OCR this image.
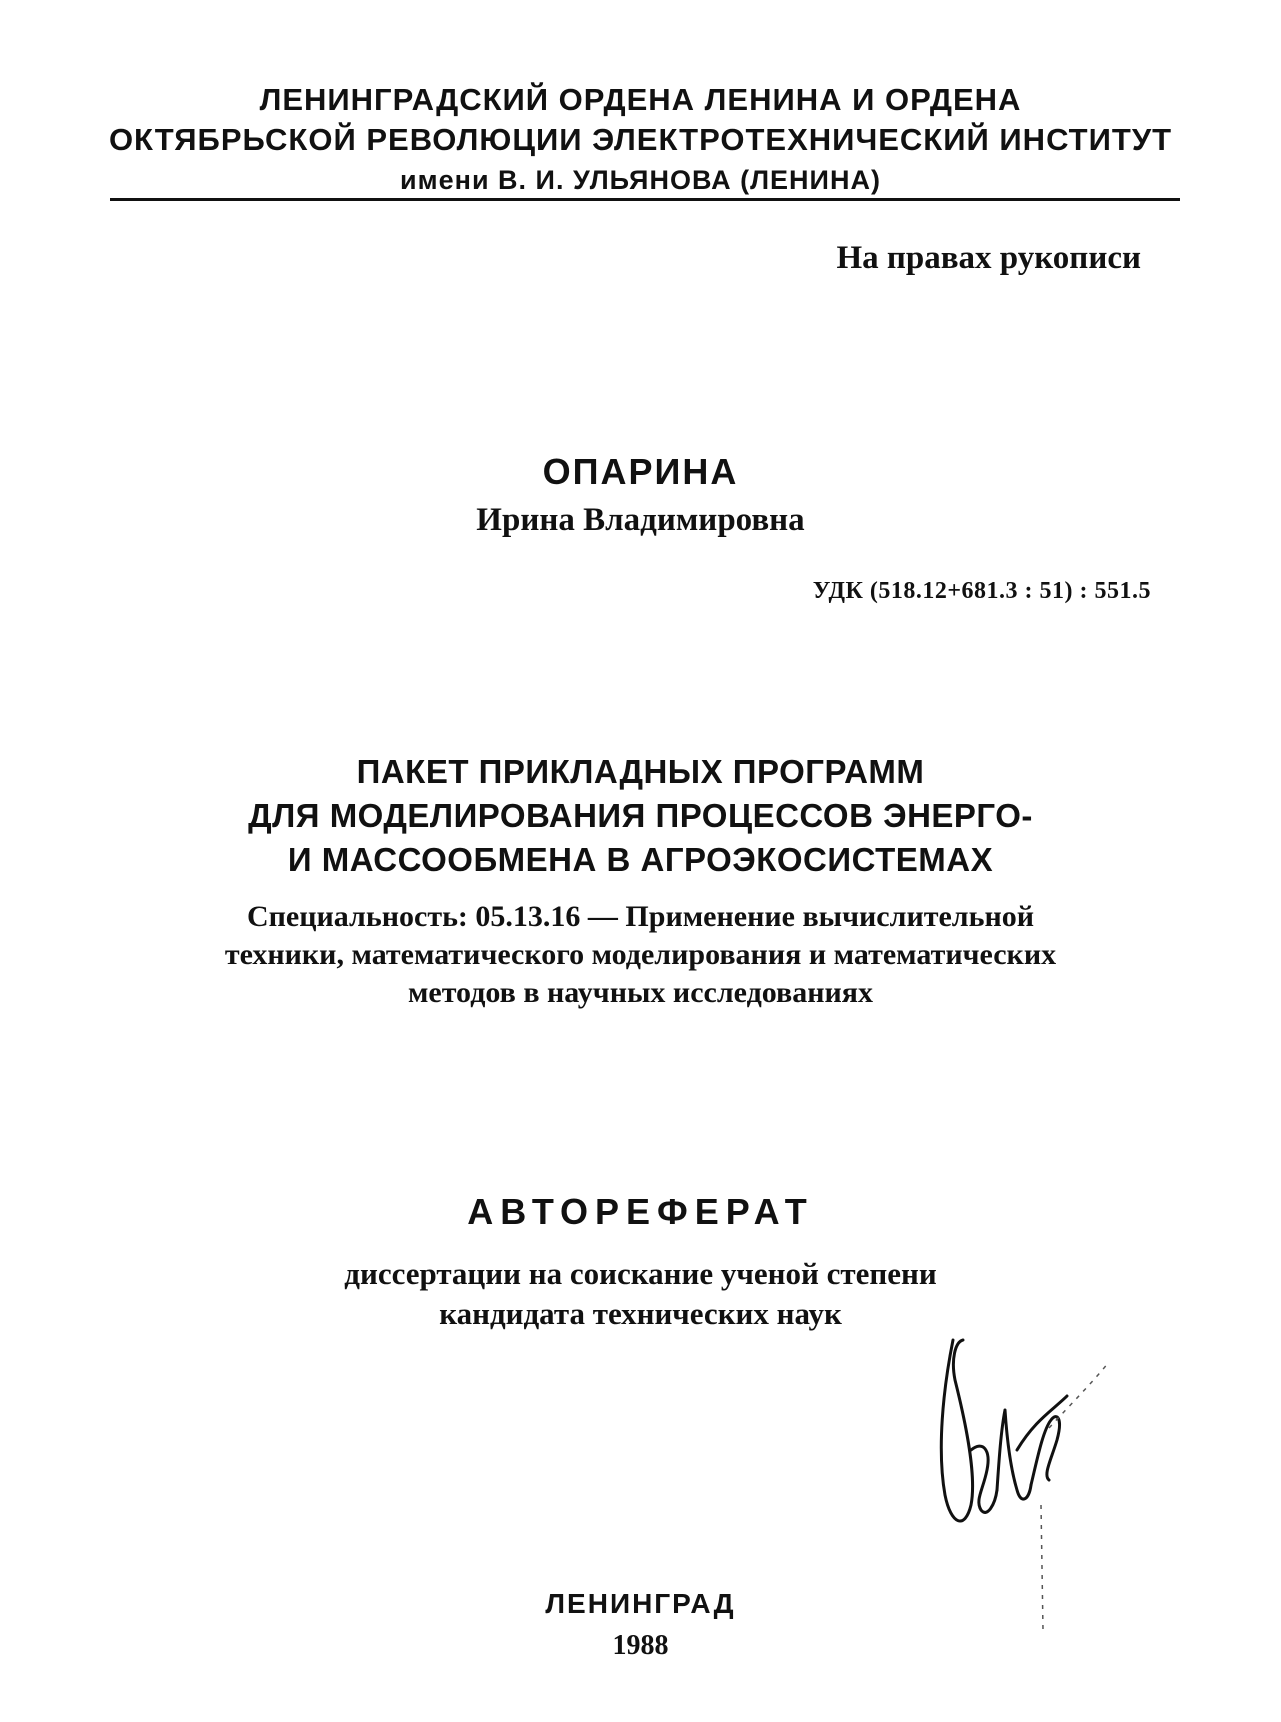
ЛЕНИНГРАДСКИЙ ОРДЕНА ЛЕНИНА И ОРДЕНА
ОКТЯБРЬСКОЙ РЕВОЛЮЦИИ ЭЛЕКТРОТЕХНИЧЕСКИЙ ИНСТИТУТ
имени В. И. УЛЬЯНОВА (ЛЕНИНА)
На правах рукописи
ОПАРИНА
Ирина Владимировна
УДК (518.12+681.3 : 51) : 551.5
ПАКЕТ ПРИКЛАДНЫХ ПРОГРАММ
ДЛЯ МОДЕЛИРОВАНИЯ ПРОЦЕССОВ ЭНЕРГО-
И МАССООБМЕНА В АГРОЭКОСИСТЕМАХ
Специальность: 05.13.16 — Применение вычислительной
техники, математического моделирования и математических
методов в научных исследованиях
АВТОРЕФЕРАТ
диссертации на соискание ученой степени
кандидата технических наук
ЛЕНИНГРАД
1988
